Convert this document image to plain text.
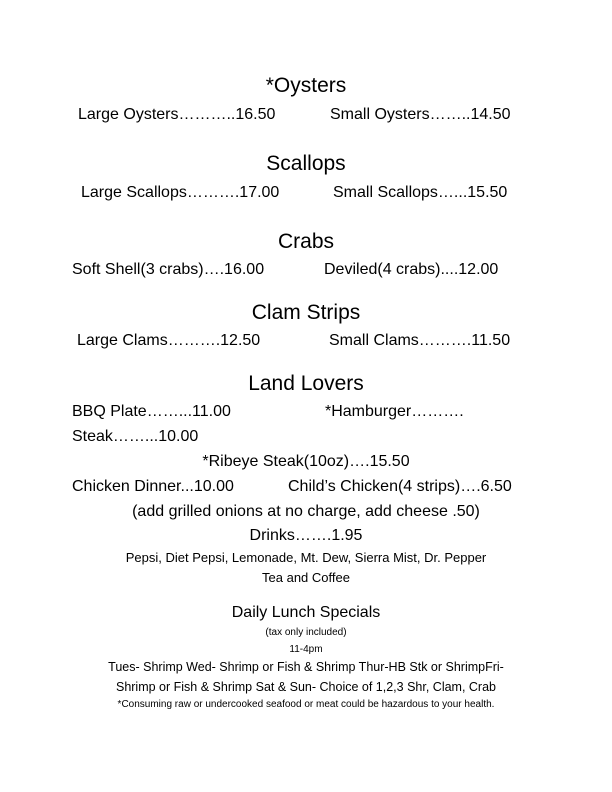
*Oysters
Large Oysters………..16.50	Small Oysters……..14.50
Scallops
Large Scallops……….17.00	Small Scallops…...15.50
Crabs
Soft Shell(3 crabs)….16.00	Deviled(4 crabs)....12.00
Clam Strips
Large Clams……….12.50	Small Clams……….11.50
Land Lovers
BBQ Plate……...11.00	*Hamburger……….
Steak……...10.00
*Ribeye Steak(10oz)….15.50
Chicken Dinner...10.00	Child’s Chicken(4 strips)….6.50
(add grilled onions at no charge, add cheese .50)
Drinks…….1.95
Pepsi, Diet Pepsi, Lemonade, Mt. Dew, Sierra Mist, Dr. Pepper
Tea and Coffee
Daily Lunch Specials
(tax only included)
11-4pm
Tues- Shrimp Wed- Shrimp or Fish & Shrimp Thur-HB Stk or ShrimpFri-
Shrimp or Fish & Shrimp Sat & Sun- Choice of 1,2,3 Shr, Clam, Crab
*Consuming raw or undercooked seafood or meat could be hazardous to your health.
